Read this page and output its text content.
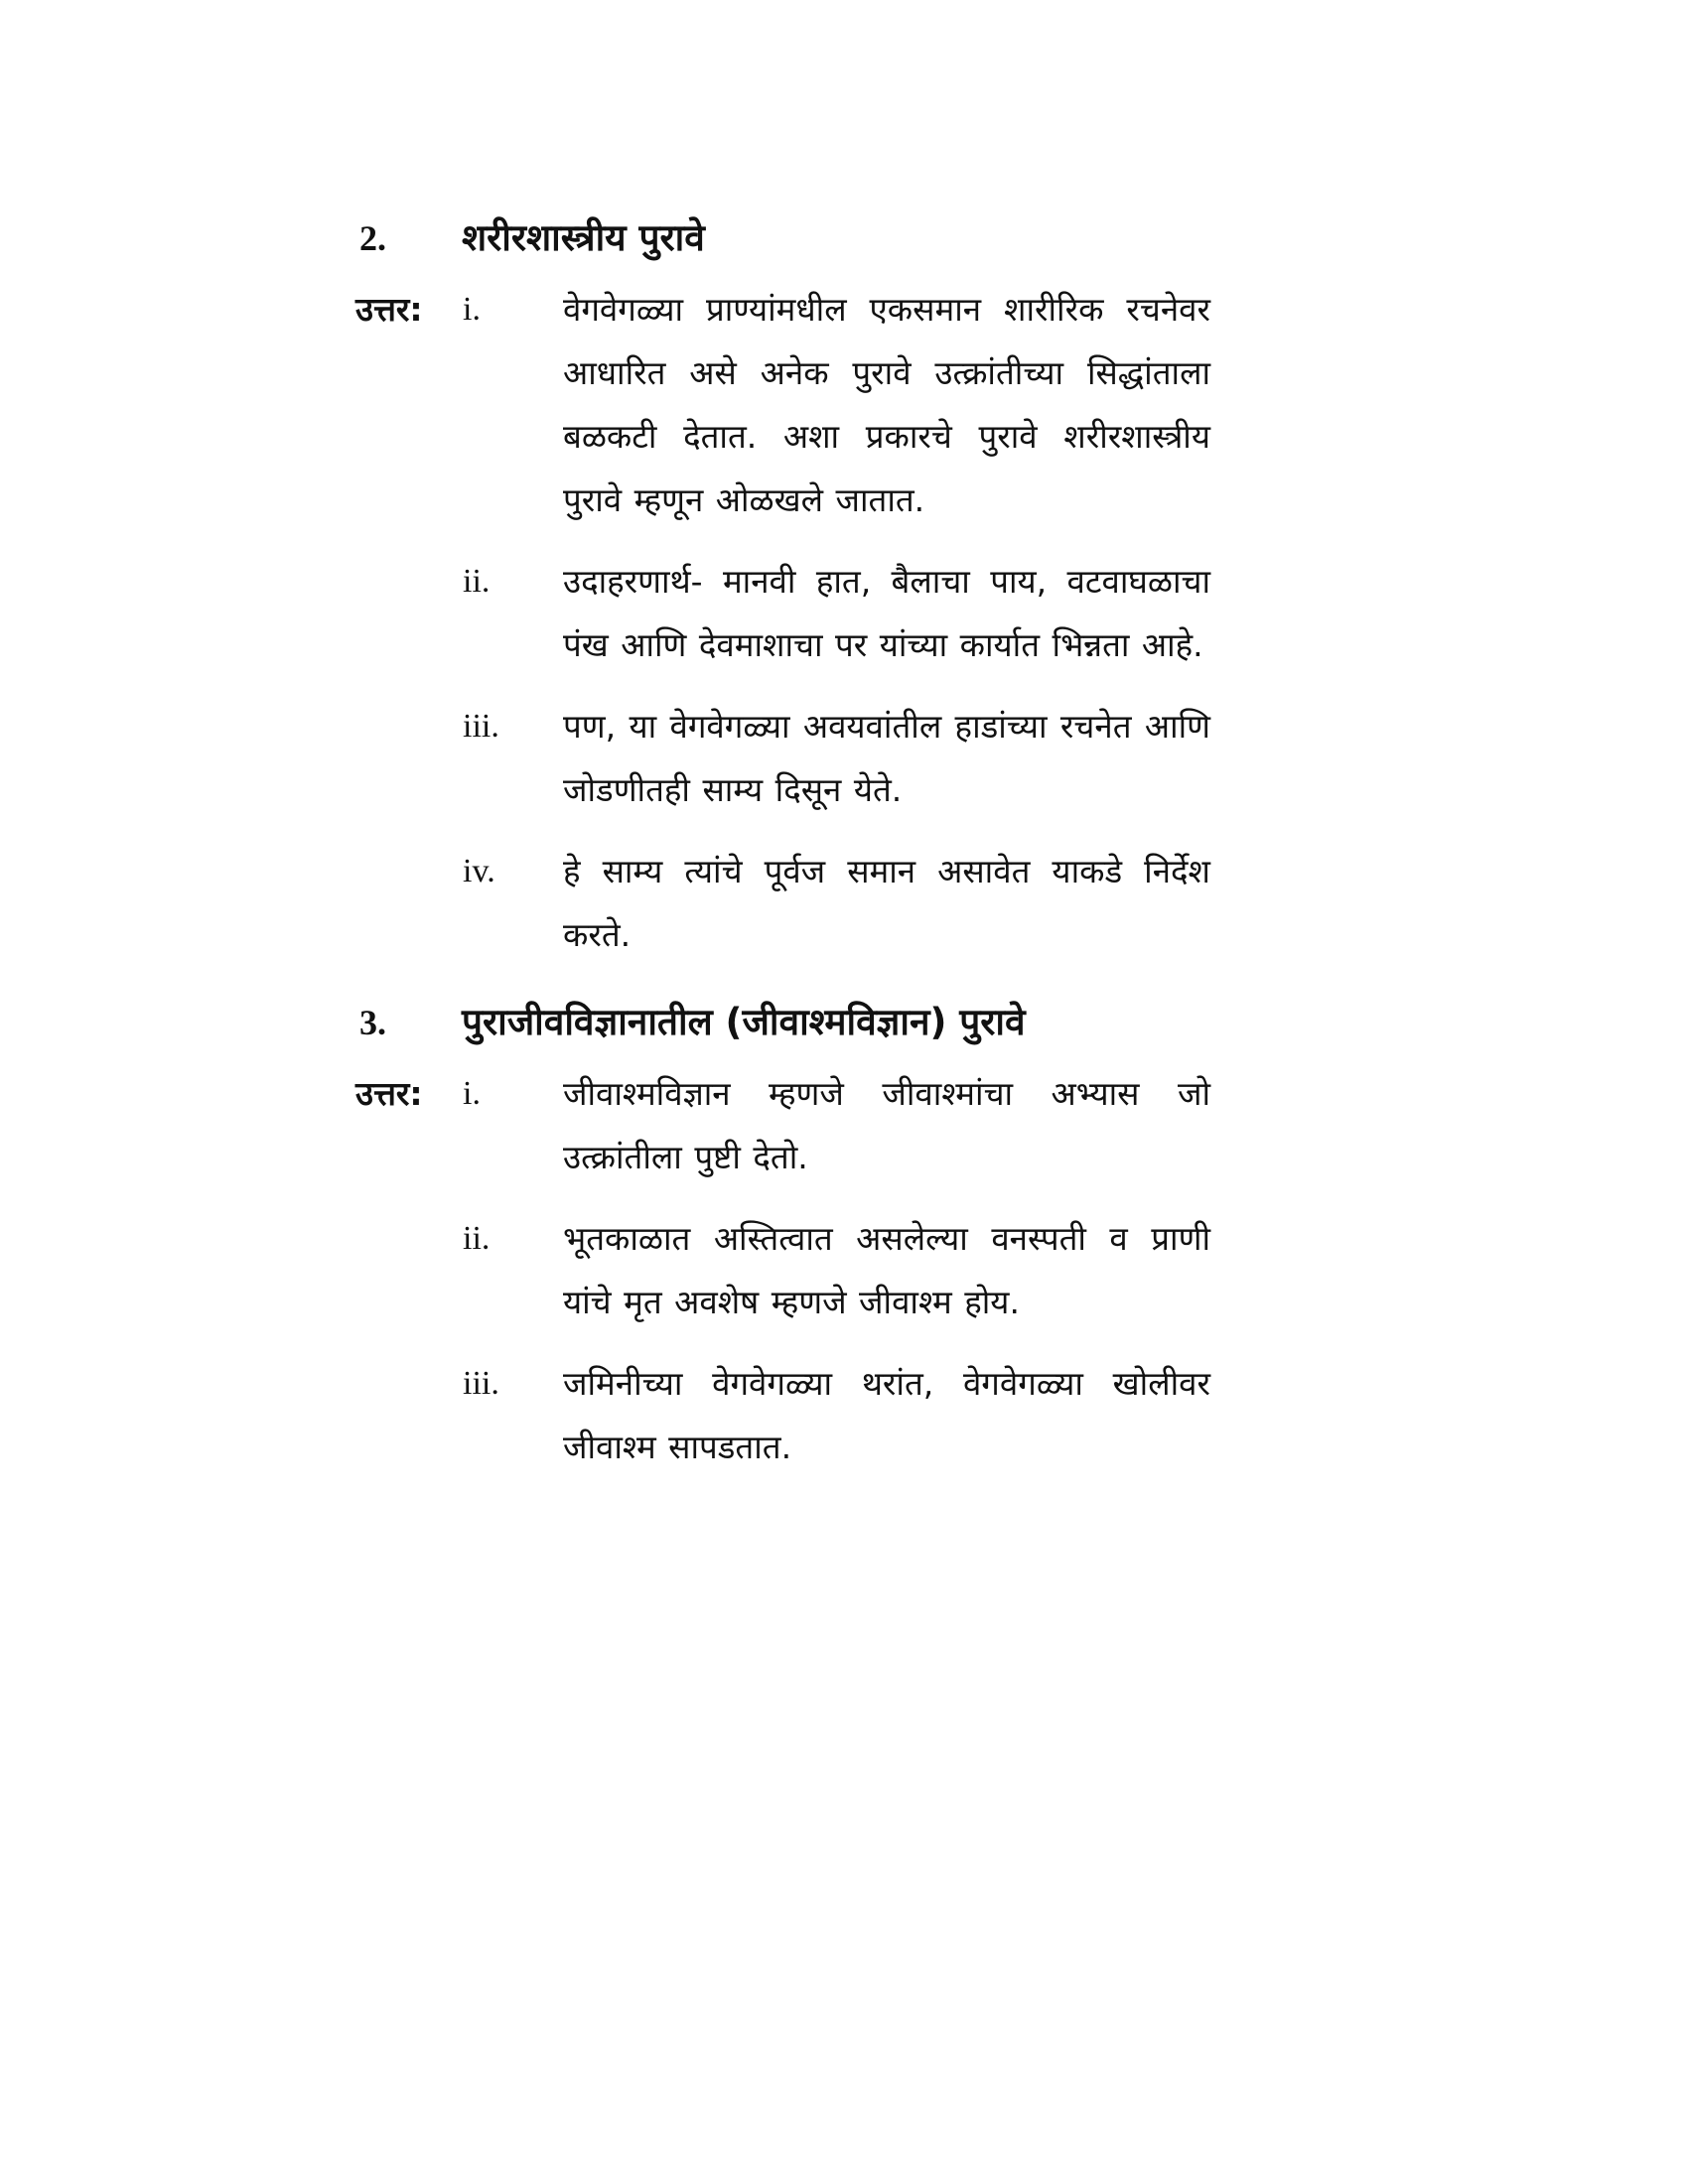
2. शरीरशास्त्रीय पुरावे
उत्तर: i.	वेगवेगळ्या प्राण्यांमधील एकसमान शारीरिक रचनेवर आधारित असे अनेक पुरावे उत्क्रांतीच्या सिद्धांताला बळकटी देतात. अशा प्रकारचे पुरावे शरीरशास्त्रीय पुरावे म्हणून ओळखले जातात.
ii. उदाहरणार्थ- मानवी हात, बैलाचा पाय, वटवाघळाचा पंख आणि देवमाशाचा पर यांच्या कार्यात भिन्नता आहे.
iii. पण, या वेगवेगळ्या अवयवांतील हाडांच्या रचनेत आणि जोडणीतही साम्य दिसून येते.
iv. हे साम्य त्यांचे पूर्वज समान असावेत याकडे निर्देश करते.
3. पुराजीवविज्ञानातील (जीवाश्मविज्ञान) पुरावे
उत्तर: i.	जीवाश्मविज्ञान म्हणजे जीवाश्मांचा अभ्यास जो उत्क्रांतीला पुष्टी देतो.
ii. भूतकाळात अस्तित्वात असलेल्या वनस्पती व प्राणी यांचे मृत अवशेष म्हणजे जीवाश्म होय.
iii. जमिनीच्या वेगवेगळ्या थरांत, वेगवेगळ्या खोलीवर जीवाश्म सापडतात.
